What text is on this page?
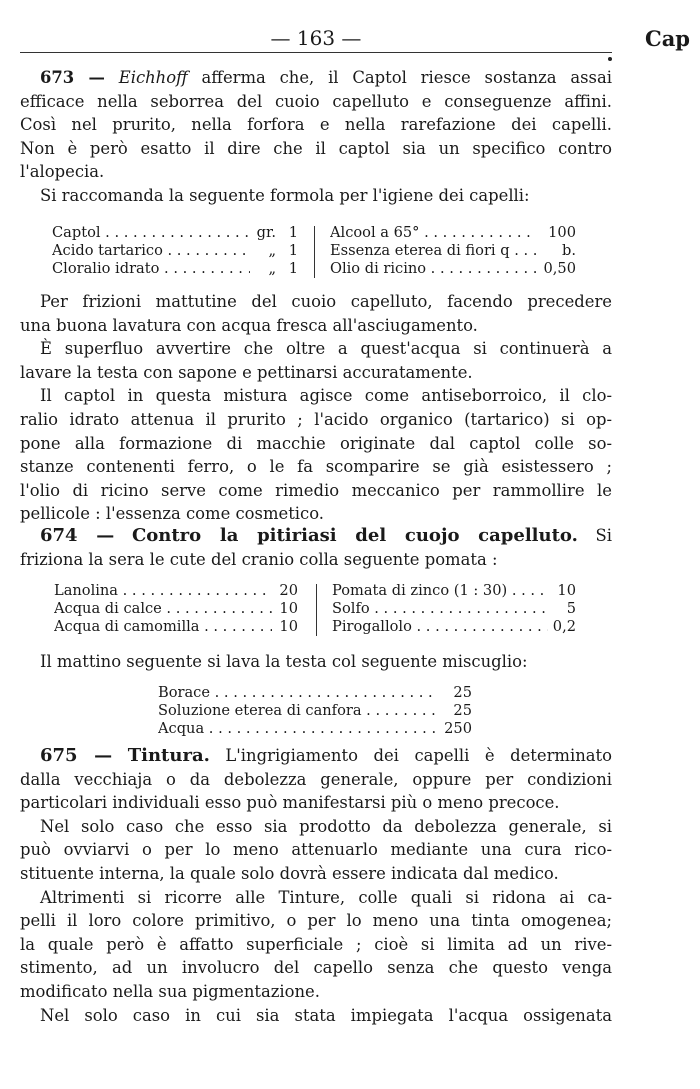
— 163 —	Cap

673 — Eichhoff afferma che, il Captol riesce sostanza assai

efficace nella seborrea del cuoio capelluto e conseguenze affini.

Così nel prurito, nella forfora e nella rarefazione dei capelli.

Non è però esatto il dire che il captol sia un specifico contro

l'alopecia.

Si raccomanda la seguente formola per l'igiene dei capelli:

Captol . . .	gr. 1
Acido tartarico . . .	„ 1
Cloralio idrato . . .	„ 1
Alcool a 65° . . .	100
Essenza eterea di fiori q . . .	b.
Olio di ricino . . .	0,50

Per frizioni mattutine del cuoio capelluto, facendo precedere

una buona lavatura con acqua fresca all'asciugamento.

È superfluo avvertire che oltre a quest'acqua si continuerà a

lavare la testa con sapone e pettinarsi accuratamente.

Il captol in questa mistura agisce come antiseborroico, il clo-

ralio idrato attenua il prurito ; l'acido organico (tartarico) si op-

pone alla formazione di macchie originate dal captol colle so-

stanze contenenti ferro, o le fa scomparire se già esistessero ;

l'olio di ricino serve come rimedio meccanico per rammollire le

pellicole : l'essenza come cosmetico.

674 — Contro la pitiriasi del cuojo capelluto. Si

friziona la sera le cute del cranio colla seguente pomata :

Lanolina . . .	20
Acqua di calce . . .	10
Acqua di camomilla . . .	10
Pomata di zinco (1 : 30) . . .	10
Solfo . . .	5
Pirogallolo . . .	0,2

Il mattino seguente si lava la testa col seguente miscuglio:

Borace . . .	25
Soluzione eterea di canfora . . .	25
Acqua . . .	250

675 — Tintura. L'ingrigiamento dei capelli è determinato

dalla vecchiaja o da debolezza generale, oppure per condizioni

particolari individuali esso può manifestarsi più o meno precoce.

Nel solo caso che esso sia prodotto da debolezza generale, si

può ovviarvi o per lo meno attenuarlo mediante una cura rico-

stituente interna, la quale solo dovrà essere indicata dal medico.

Altrimenti si ricorre alle Tinture, colle quali si ridona ai ca-

pelli il loro colore primitivo, o per lo meno una tinta omogenea;

la quale però è affatto superficiale ; cioè si limita ad un rive-

stimento, ad un involucro del capello senza che questo venga

modificato nella sua pigmentazione.

Nel solo caso in cui sia stata impiegata l'acqua ossigenata
